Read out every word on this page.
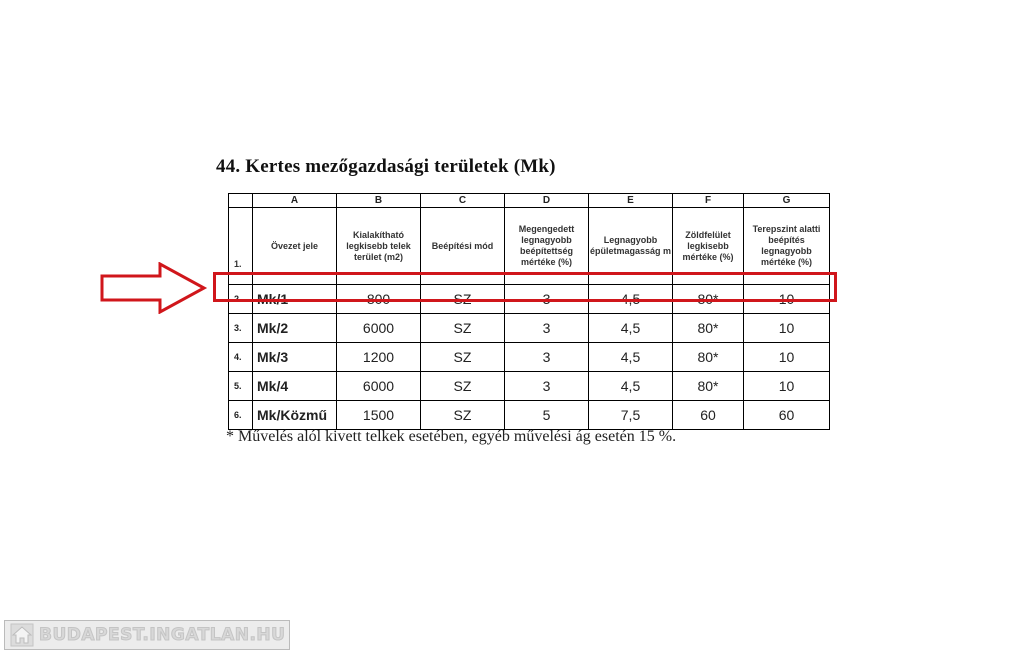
44. Kertes mezőgazdasági területek (Mk)
	A	B	C	D	E	F	G
1.	Övezet jele	Kialakítható legkisebb telek terület (m2)	Beépítési mód	Megengedett legnagyobb beépítettség mértéke (%)	Legnagyobb épületmagasság m	Zöldfelület legkisebb mértéke (%)	Terepszint alatti beépítés legnagyobb mértéke (%)
2.	Mk/1	800	SZ	3	4,5	80*	10
3.	Mk/2	6000	SZ	3	4,5	80*	10
4.	Mk/3	1200	SZ	3	4,5	80*	10
5.	Mk/4	6000	SZ	3	4,5	80*	10
6.	Mk/Közmű	1500	SZ	5	7,5	60	60
* Művelés alól kivett telkek esetében, egyéb művelési ág esetén 15 %.
BUDAPEST.INGATLAN.HU
